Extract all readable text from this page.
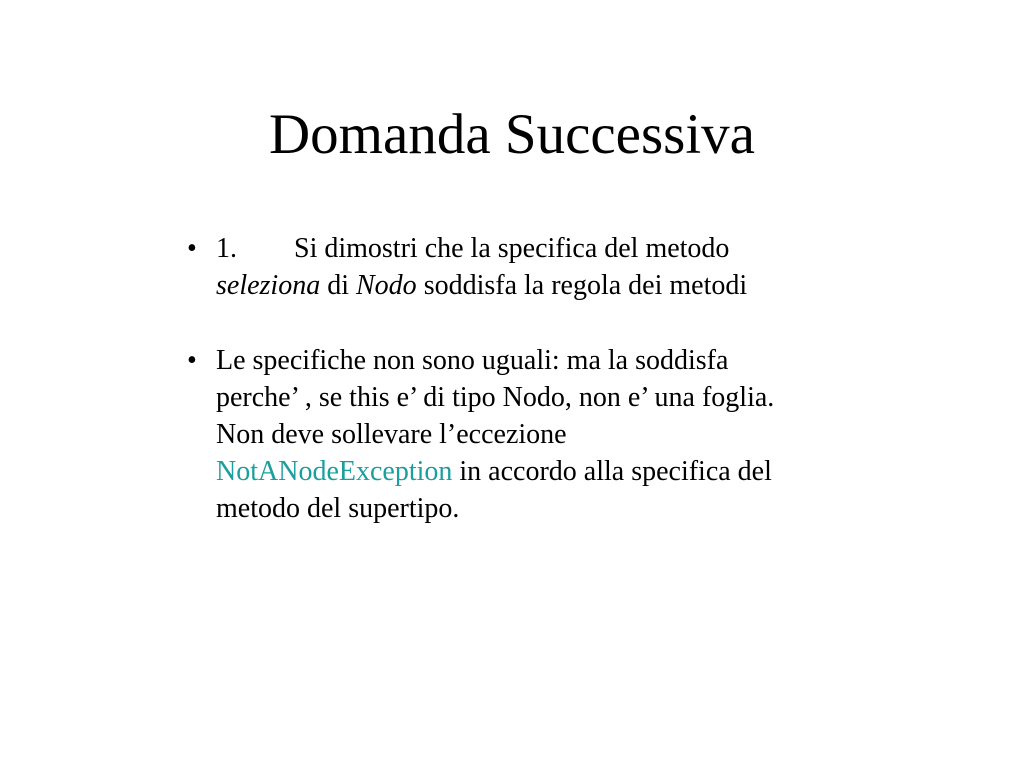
Domanda Successiva
• 1. Si dimostri che la specifica del metodo
seleziona di Nodo soddisfa la regola dei metodi
• Le specifiche non sono uguali: ma la soddisfa
perche’ , se this e’ di tipo Nodo, non e’ una foglia.
Non deve sollevare l’eccezione
NotANodeException in accordo alla specifica del
metodo del supertipo.
